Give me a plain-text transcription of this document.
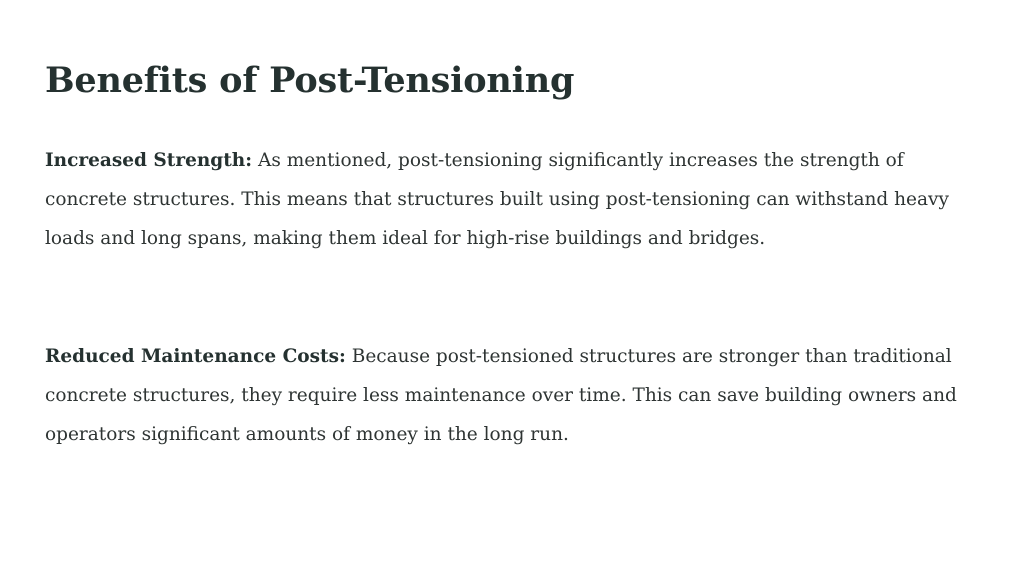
Benefits of Post-Tensioning

Increased Strength: As mentioned, post-tensioning significantly increases the strength of concrete structures. This means that structures built using post-tensioning can withstand heavy loads and long spans, making them ideal for high-rise buildings and bridges.

Reduced Maintenance Costs: Because post-tensioned structures are stronger than traditional concrete structures, they require less maintenance over time. This can save building owners and operators significant amounts of money in the long run.
